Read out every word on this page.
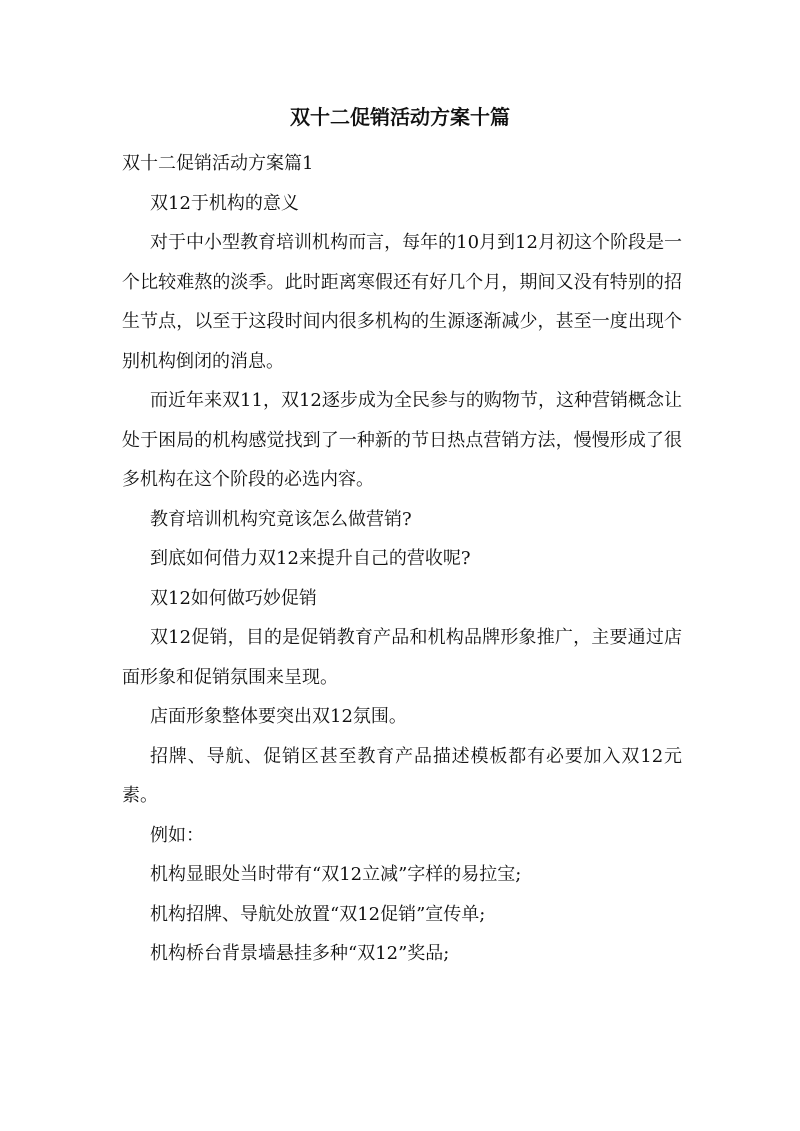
双十二促销活动方案十篇

双十二促销活动方案篇1

双12于机构的意义

对于中小型教育培训机构而言，每年的10月到12月初这个阶段是一个比较难熬的淡季。此时距离寒假还有好几个月，期间又没有特别的招生节点，以至于这段时间内很多机构的生源逐渐减少，甚至一度出现个别机构倒闭的消息。

而近年来双11，双12逐步成为全民参与的购物节，这种营销概念让处于困局的机构感觉找到了一种新的节日热点营销方法，慢慢形成了很多机构在这个阶段的必选内容。

教育培训机构究竟该怎么做营销?

到底如何借力双12来提升自己的营收呢?

双12如何做巧妙促销

双12促销，目的是促销教育产品和机构品牌形象推广，主要通过店面形象和促销氛围来呈现。

店面形象整体要突出双12氛围。

招牌、导航、促销区甚至教育产品描述模板都有必要加入双12元素。

例如：

机构显眼处当时带有“双12立减”字样的易拉宝;

机构招牌、导航处放置“双12促销”宣传单;

机构桥台背景墙悬挂多种“双12”奖品;
